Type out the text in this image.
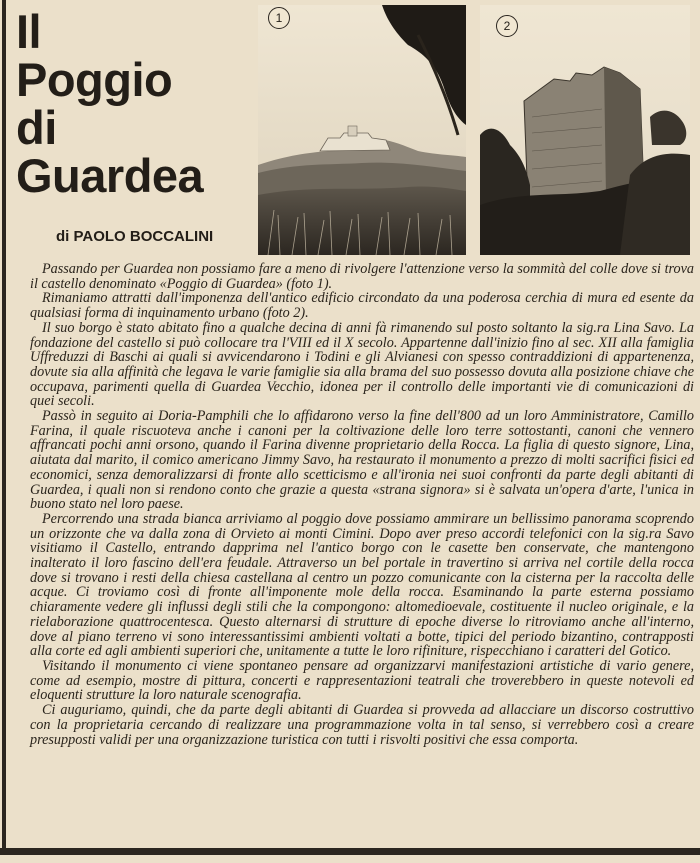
Il
Poggio
di
Guardea
di PAOLO BOCCALINI
1
2

Passando per Guardea non possiamo fare a meno di rivolgere l'attenzione verso la sommità del colle dove si trova il castello denominato «Poggio di Guardea» (foto 1).

Rimaniamo attratti dall'imponenza dell'antico edificio circondato da una poderosa cerchia di mura ed esente da qualsiasi forma di inquinamento urbano (foto 2).

Il suo borgo è stato abitato fino a qualche decina di anni fà rimanendo sul posto soltanto la sig.ra Lina Savo. La fondazione del castello si può collocare tra l'VIII ed il X secolo. Appartenne dall'inizio fino al sec. XII alla famiglia Uffreduzzi di Baschi ai quali si avvicendarono i Todini e gli Alvianesi con spesso contraddizioni di appartenenza, dovute sia alla affinità che legava le varie famiglie sia alla brama del suo possesso dovuta alla posizione chiave che occupava, parimenti quella di Guardea Vecchio, idonea per il controllo delle importanti vie di comunicazioni di quei secoli.

Passò in seguito ai Doria-Pamphili che lo affidarono verso la fine dell'800 ad un loro Amministratore, Camillo Farina, il quale riscuoteva anche i canoni per la coltivazione delle loro terre sottostanti, canoni che vennero affrancati pochi anni orsono, quando il Farina divenne proprietario della Rocca. La figlia di questo signore, Lina, aiutata dal marito, il comico americano Jimmy Savo, ha restaurato il monumento a prezzo di molti sacrifici fisici ed economici, senza demoralizzarsi di fronte allo scetticismo e all'ironia nei suoi confronti da parte degli abitanti di Guardea, i quali non si rendono conto che grazie a questa «strana signora» si è salvata un'opera d'arte, l'unica in buono stato nel loro paese.

Percorrendo una strada bianca arriviamo al poggio dove possiamo ammirare un bellissimo panorama scoprendo un orizzonte che va dalla zona di Orvieto ai monti Cimini. Dopo aver preso accordi telefonici con la sig.ra Savo visitiamo il Castello, entrando dapprima nel l'antico borgo con le casette ben conservate, che mantengono inalterato il loro fascino dell'era feudale. Attraverso un bel portale in travertino si arriva nel cortile della rocca dove si trovano i resti della chiesa castellana al centro un pozzo comunicante con la cisterna per la raccolta delle acque. Ci troviamo così di fronte all'imponente mole della rocca. Esaminando la parte esterna possiamo chiaramente vedere gli influssi degli stili che la compongono: altomedioevale, costituente il nucleo originale, e la rielaborazione quattrocentesca. Questo alternarsi di strutture di epoche diverse lo ritroviamo anche all'interno, dove al piano terreno vi sono interessantissimi ambienti voltati a botte, tipici del periodo bizantino, contrapposti alla corte ed agli ambienti superiori che, unitamente a tutte le loro rifiniture, rispecchiano i caratteri del Gotico.

Visitando il monumento ci viene spontaneo pensare ad organizzarvi manifestazioni artistiche di vario genere, come ad esempio, mostre di pittura, concerti e rappresentazioni teatrali che troverebbero in queste notevoli ed eloquenti strutture la loro naturale scenografia.

Ci auguriamo, quindi, che da parte degli abitanti di Guardea si provveda ad allacciare un discorso costruttivo con la proprietaria cercando di realizzare una programmazione volta in tal senso, si verrebbero così a creare presupposti validi per una organizzazione turistica con tutti i risvolti positivi che essa comporta.
